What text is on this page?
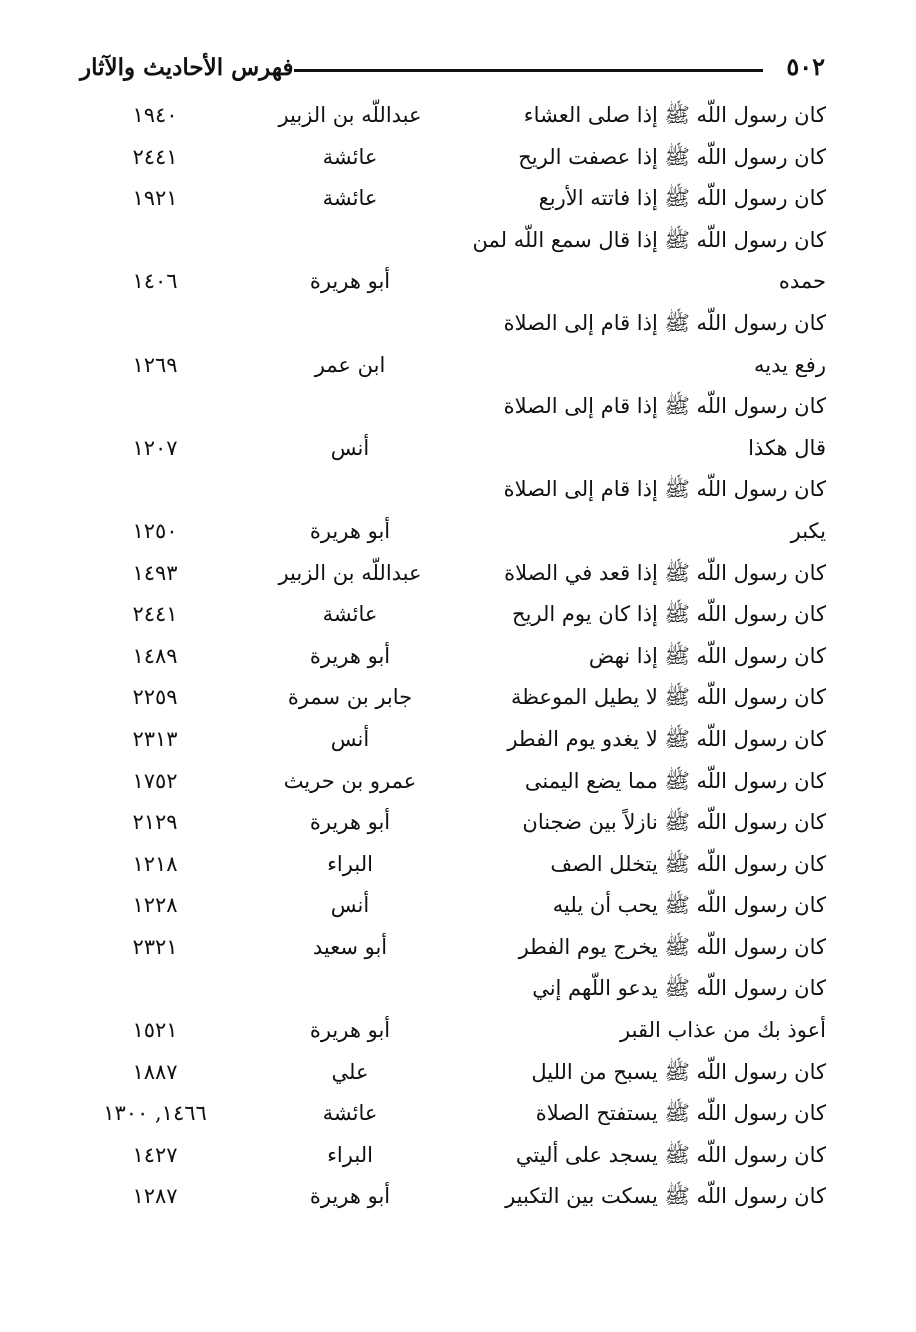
فهرس الأحاديث والآثار	٥٠٢
كان رسول اللّه ﷺ إذا صلى العشاء
عبداللّه بن الزبير
١٩٤٠
كان رسول اللّه ﷺ إذا عصفت الريح
عائشة
٢٤٤١
كان رسول اللّه ﷺ إذا فاتته الأربع
عائشة
١٩٢١
كان رسول اللّه ﷺ إذا قال سمع اللّه لمن
حمده
أبو هريرة
١٤٠٦
كان رسول اللّه ﷺ إذا قام إلى الصلاة
رفع يديه
ابن عمر
١٢٦٩
كان رسول اللّه ﷺ إذا قام إلى الصلاة
قال هكذا
أنس
١٢٠٧
كان رسول اللّه ﷺ إذا قام إلى الصلاة
يكبر
أبو هريرة
١٢٥٠
كان رسول اللّه ﷺ إذا قعد في الصلاة
عبداللّه بن الزبير
١٤٩٣
كان رسول اللّه ﷺ إذا كان يوم الريح
عائشة
٢٤٤١
كان رسول اللّه ﷺ إذا نهض
أبو هريرة
١٤٨٩
كان رسول اللّه ﷺ لا يطيل الموعظة
جابر بن سمرة
٢٢٥٩
كان رسول اللّه ﷺ لا يغدو يوم الفطر
أنس
٢٣١٣
كان رسول اللّه ﷺ مما يضع اليمنى
عمرو بن حريث
١٧٥٢
كان رسول اللّه ﷺ نازلاً بين ضجنان
أبو هريرة
٢١٢٩
كان رسول اللّه ﷺ يتخلل الصف
البراء
١٢١٨
كان رسول اللّه ﷺ يحب أن يليه
أنس
١٢٢٨
كان رسول اللّه ﷺ يخرج يوم الفطر
أبو سعيد
٢٣٢١
كان رسول اللّه ﷺ يدعو اللّهم إني
أعوذ بك من عذاب القبر
أبو هريرة
١٥٢١
كان رسول اللّه ﷺ يسبح من الليل
علي
١٨٨٧
كان رسول اللّه ﷺ يستفتح الصلاة
عائشة
١٤٦٦, ١٣٠٠
كان رسول اللّه ﷺ يسجد على أليتي
البراء
١٤٢٧
كان رسول اللّه ﷺ يسكت بين التكبير
أبو هريرة
١٢٨٧
